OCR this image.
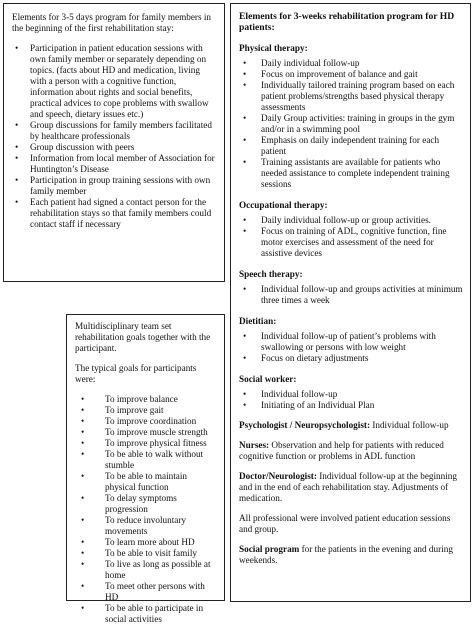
Elements for 3-5 days program for family members in the beginning of the first rehabilitation stay:

• Participation in patient education sessions with own family member or separately depending on topics. (facts about HD and medication, living with a person with a cognitive function, information about rights and social benefits, practical advices to cope problems with swallow and speech, dietary issues etc.)
• Group discussions for family members facilitated by healthcare professionals
• Group discussion with peers
• Information from local member of Association for Huntington’s Disease
• Participation in group training sessions with own family member
• Each patient had signed a contact person for the rehabilitation stays so that family members could contact staff if necessary

Multidisciplinary team set rehabilitation goals together with the participant.

The typical goals for participants were:

• To improve balance
• To improve gait
• To improve coordination
• To improve muscle strength
• To improve physical fitness
• To be able to walk without stumble
• To be able to maintain physical function
• To delay symptoms progression
• To reduce involuntary movements
• To learn more about HD
• To be able to visit family
• To live as long as possible at home
• To meet other persons with HD
• To be able to participate in social activities
Elements for 3-weeks rehabilitation program for HD patients:
Physical therapy:
• Daily individual follow-up
• Focus on improvement of balance and gait
• Individually tailored training program based on each patient problems/strengths based physical therapy assessments
• Daily Group activities: training in groups in the gym and/or in a swimming pool
• Emphasis on daily independent training for each patient
• Training assistants are available for patients who needed assistance to complete independent training sessions
Occupational therapy:
• Daily individual follow-up or group activities.
• Focus on training of ADL, cognitive function, fine motor exercises and assessment of the need for assistive devices
Speech therapy:
• Individual follow-up and groups activities at minimum three times a week
Dietitian:
• Individual follow-up of patient’s problems with swallowing or persons with low weight
• Focus on dietary adjustments
Social worker:
• Individual follow-up
• Initiating of an Individual Plan

Psychologist / Neuropsychologist: Individual follow-up

Nurses: Observation and help for patients with reduced cognitive function or problems in ADL function

Doctor/Neurologist: Individual follow-up at the beginning and in the end of each rehabilitation stay. Adjustments of medication.

All professional were involved patient education sessions and group.

Social program for the patients in the evening and during weekends.
